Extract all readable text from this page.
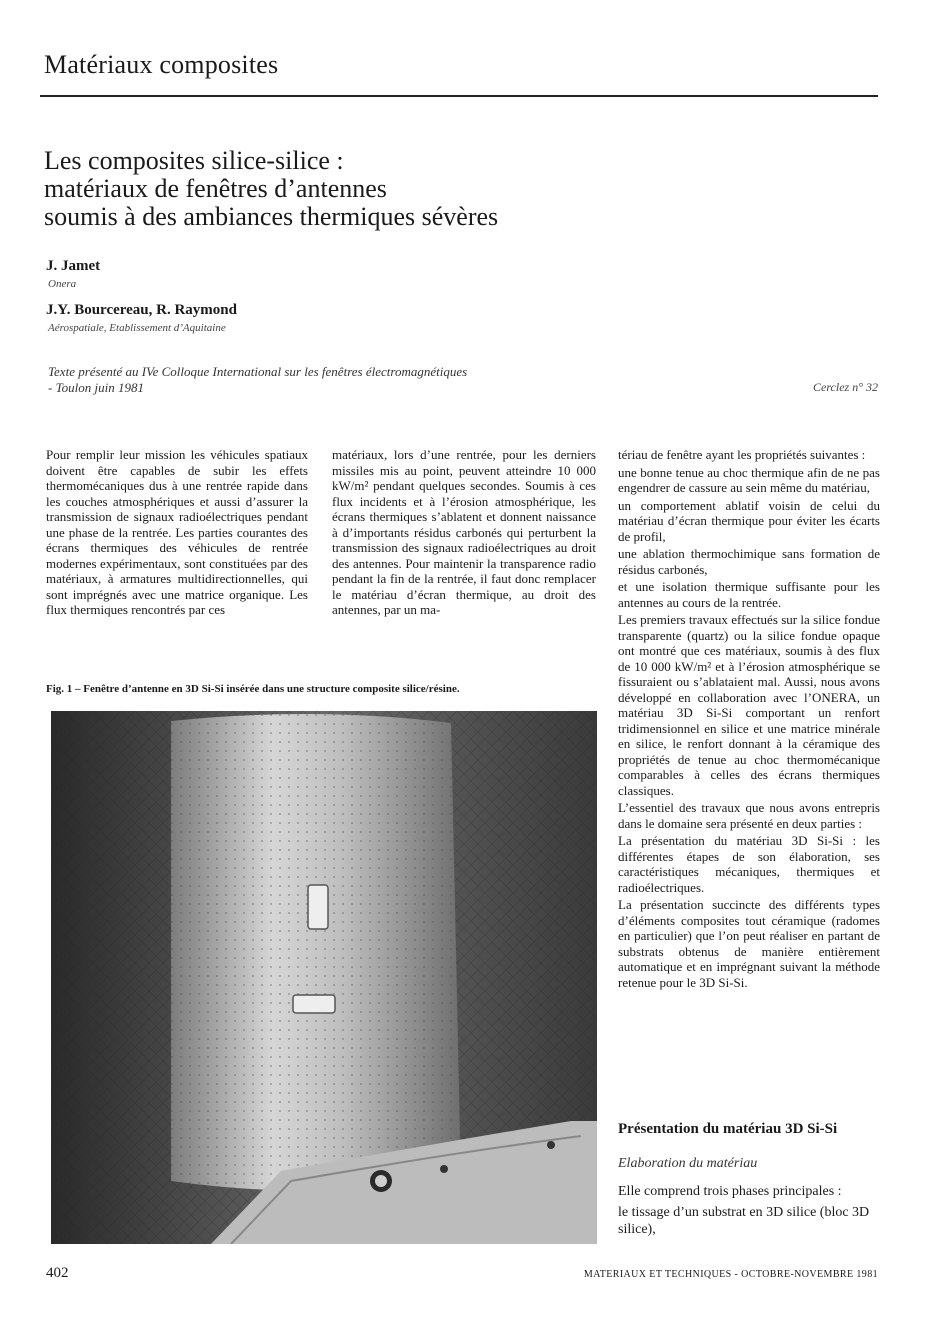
Matériaux composites
Les composites silice-silice :
matériaux de fenêtres d’antennes
soumis à des ambiances thermiques sévères
J. Jamet
Onera
J.Y. Bourcereau, R. Raymond
Aérospatiale, Etablissement d’Aquitaine
Texte présenté au IVe Colloque International sur les fenêtres électromagnétiques
- Toulon juin 1981	Cerclez n° 32

Pour remplir leur mission les véhicules spatiaux doivent être capables de subir les effets thermomécaniques dus à une rentrée rapide dans les couches atmosphériques et aussi d’assurer la transmission de signaux radioélectriques pendant une phase de la rentrée. Les parties courantes des écrans thermiques des véhicules de rentrée modernes expérimentaux, sont constituées par des matériaux, à armatures multidirectionnelles, qui sont imprégnés avec une matrice organique. Les flux thermiques rencontrés par ces

matériaux, lors d’une rentrée, pour les derniers missiles mis au point, peuvent atteindre 10 000 kW/m² pendant quelques secondes. Soumis à ces flux incidents et à l’érosion atmosphérique, les écrans thermiques s’ablatent et donnent naissance à d’importants résidus carbonés qui perturbent la transmission des signaux radioélectriques au droit des antennes. Pour maintenir la transparence radio pendant la fin de la rentrée, il faut donc remplacer le matériau d’écran thermique, au droit des antennes, par un ma-

tériau de fenêtre ayant les propriétés suivantes :

une bonne tenue au choc thermique afin de ne pas engendrer de cassure au sein même du matériau,

un comportement ablatif voisin de celui du matériau d’écran thermique pour éviter les écarts de profil,

une ablation thermochimique sans formation de résidus carbonés,

et une isolation thermique suffisante pour les antennes au cours de la rentrée.

Les premiers travaux effectués sur la silice fondue transparente (quartz) ou la silice fondue opaque ont montré que ces matériaux, soumis à des flux de 10 000 kW/m² et à l’érosion atmosphérique se fissuraient ou s’ablataient mal. Aussi, nous avons développé en collaboration avec l’ONERA, un matériau 3D Si-Si comportant un renfort tridimensionnel en silice et une matrice minérale en silice, le renfort donnant à la céramique des propriétés de tenue au choc thermomécanique comparables à celles des écrans thermiques classiques.

L’essentiel des travaux que nous avons entrepris dans le domaine sera présenté en deux parties :

La présentation du matériau 3D Si-Si : les différentes étapes de son élaboration, ses caractéristiques mécaniques, thermiques et radioélectriques.

La présentation succincte des différents types d’éléments composites tout céramique (radomes en particulier) que l’on peut réaliser en partant de substrats obtenus de manière entièrement automatique et en imprégnant suivant la méthode retenue pour le 3D Si-Si.

Fig. 1 – Fenêtre d’antenne en 3D Si-Si insérée dans une structure composite silice/résine.
Présentation du matériau 3D Si-Si
Elaboration du matériau

Elle comprend trois phases principales :

le tissage d’un substrat en 3D silice (bloc 3D silice),

402	MATERIAUX ET TECHNIQUES - OCTOBRE-NOVEMBRE 1981
